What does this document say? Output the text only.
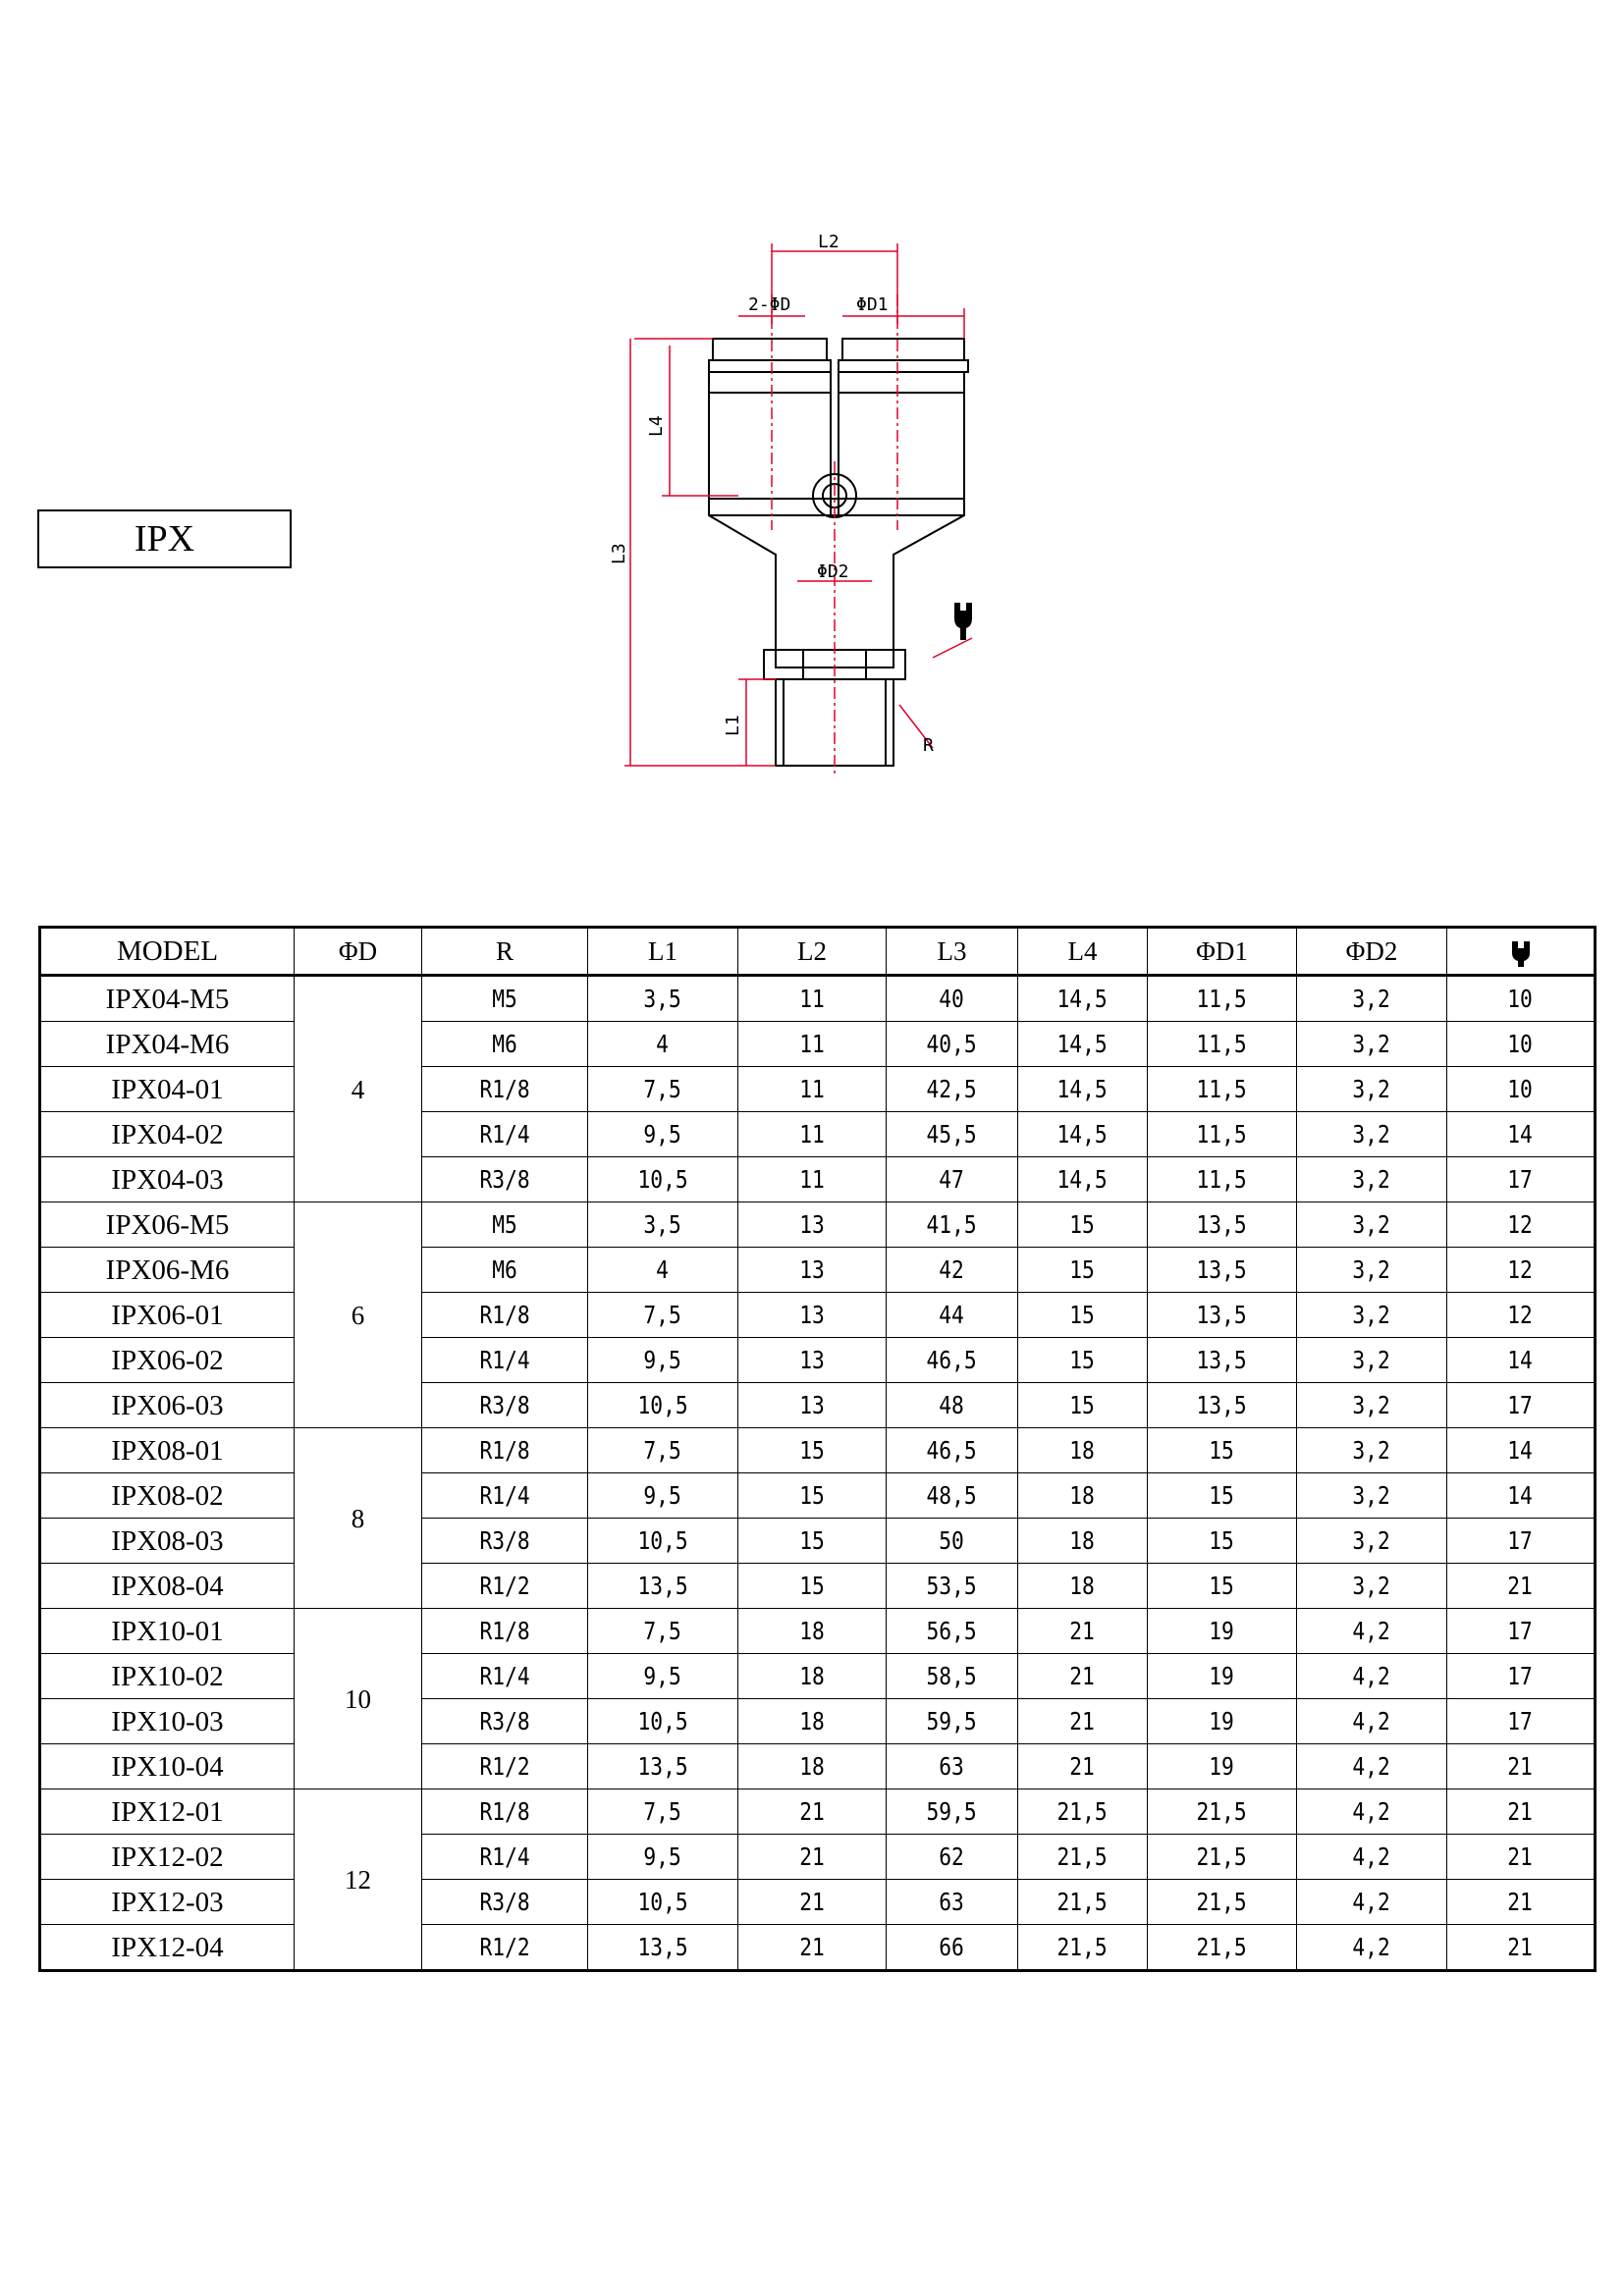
IPX
L2
2-ΦD	ΦD1
L4
L3
ΦD2
L1
R
MODEL	ΦD	R	L1	L2	L3	L4	ΦD1	ΦD2	
IPX04-M5	4	M5	3,5	11	40	14,5	11,5	3,2	10
IPX04-M6		M6	4	11	40,5	14,5	11,5	3,2	10
IPX04-01		R1/8	7,5	11	42,5	14,5	11,5	3,2	10
IPX04-02		R1/4	9,5	11	45,5	14,5	11,5	3,2	14
IPX04-03		R3/8	10,5	11	47	14,5	11,5	3,2	17
IPX06-M5	6	M5	3,5	13	41,5	15	13,5	3,2	12
IPX06-M6		M6	4	13	42	15	13,5	3,2	12
IPX06-01		R1/8	7,5	13	44	15	13,5	3,2	12
IPX06-02		R1/4	9,5	13	46,5	15	13,5	3,2	14
IPX06-03		R3/8	10,5	13	48	15	13,5	3,2	17
IPX08-01	8	R1/8	7,5	15	46,5	18	15	3,2	14
IPX08-02		R1/4	9,5	15	48,5	18	15	3,2	14
IPX08-03		R3/8	10,5	15	50	18	15	3,2	17
IPX08-04		R1/2	13,5	15	53,5	18	15	3,2	21
IPX10-01	10	R1/8	7,5	18	56,5	21	19	4,2	17
IPX10-02		R1/4	9,5	18	58,5	21	19	4,2	17
IPX10-03		R3/8	10,5	18	59,5	21	19	4,2	17
IPX10-04		R1/2	13,5	18	63	21	19	4,2	21
IPX12-01	12	R1/8	7,5	21	59,5	21,5	21,5	4,2	21
IPX12-02		R1/4	9,5	21	62	21,5	21,5	4,2	21
IPX12-03		R3/8	10,5	21	63	21,5	21,5	4,2	21
IPX12-04		R1/2	13,5	21	66	21,5	21,5	4,2	21
